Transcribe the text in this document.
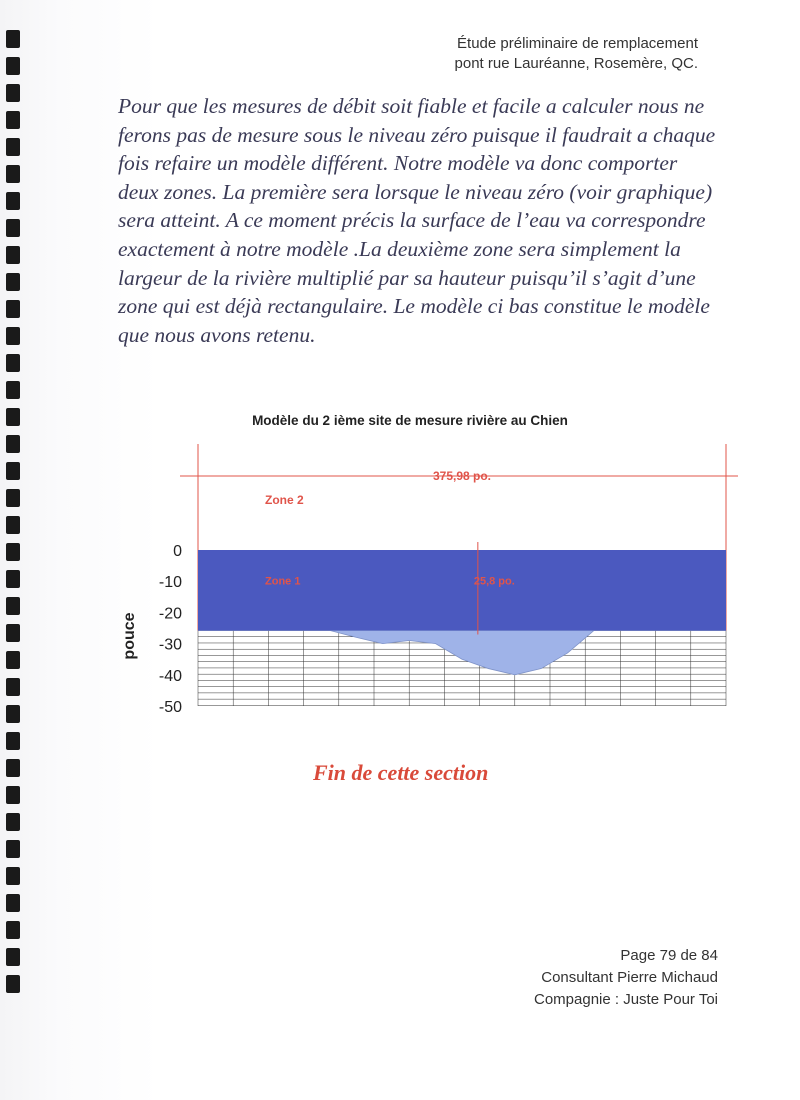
Étude préliminaire de remplacement
pont rue Lauréanne, Rosemère, QC.

Pour que les mesures de débit soit fiable et facile a calculer nous ne ferons pas de mesure sous le niveau zéro puisque il faudrait a chaque fois refaire un modèle différent. Notre modèle va donc comporter deux zones. La première sera lorsque le niveau zéro (voir graphique) sera atteint. A ce moment précis la surface de l’eau va correspondre exactement à notre modèle .La deuxième zone sera simplement la largeur de la rivière multiplié par sa hauteur puisqu’il s’agit d’une zone qui est déjà rectangulaire. Le modèle ci bas constitue le modèle que nous avons retenu.

Modèle du 2 ième site de mesure rivière au Chien
375,98 po.
Zone 2
25,8 po.
Zone 1
0
-10
-20
-30
-40
-50
pouce
Fin de cette section
Page 79 de 84
Consultant Pierre Michaud
Compagnie : Juste Pour Toi
